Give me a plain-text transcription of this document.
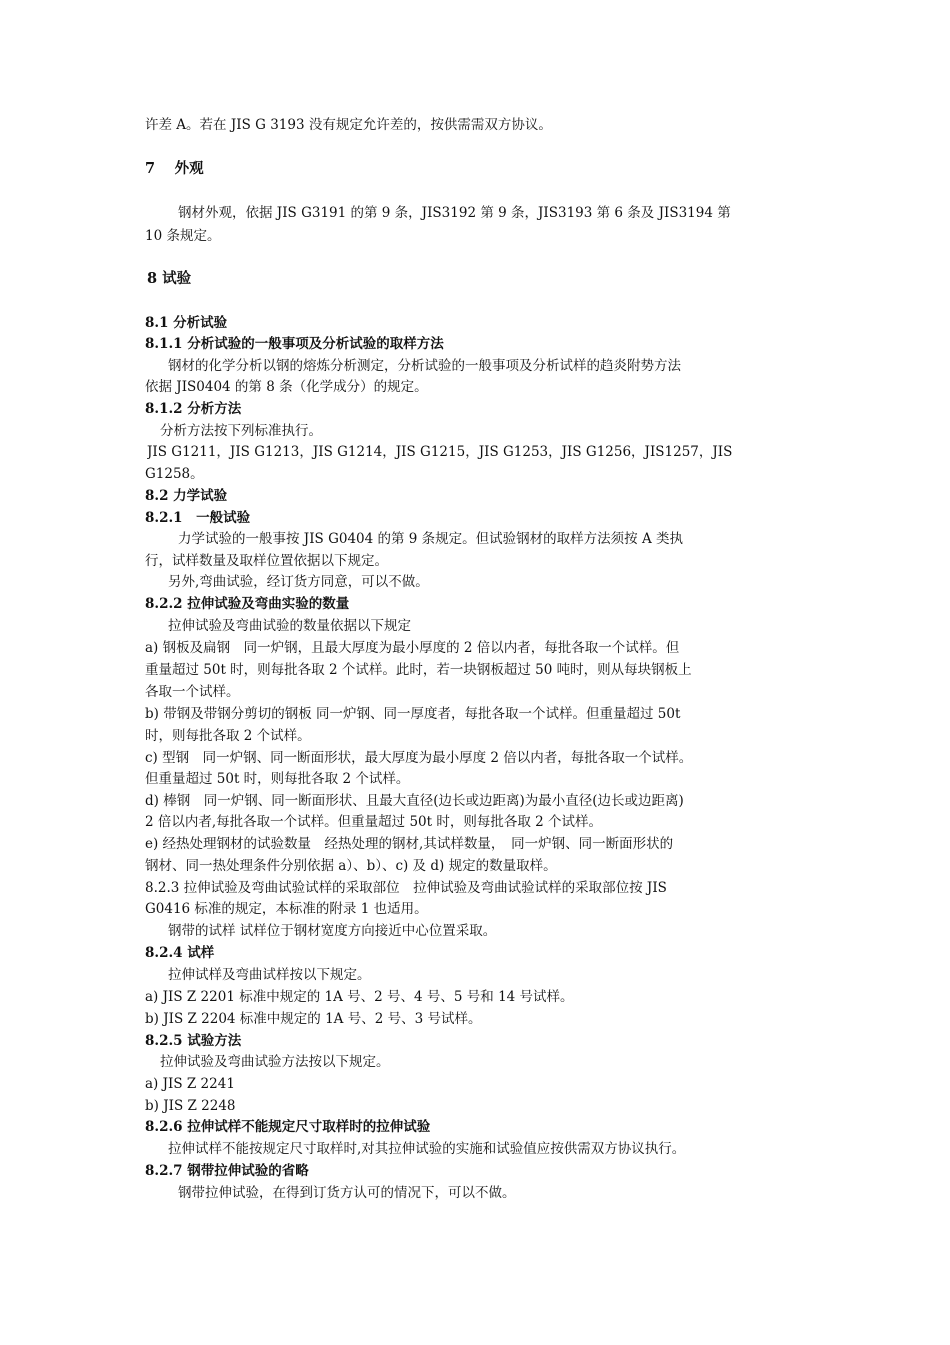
许差 A。若在 JIS G 3193 没有规定允许差的，按供需需双方协议。
7　 外观
钢材外观，依据 JIS G3191 的第 9 条，JIS3192 第 9 条，JIS3193 第 6 条及 JIS3194 第
10 条规定。
8 试验
8.1 分析试验
8.1.1 分析试验的一般事项及分析试验的取样方法
钢材的化学分析以钢的熔炼分析测定，分析试验的一般事项及分析试样的趋炎附势方法
依据 JIS0404 的第 8 条（化学成分）的规定。
8.1.2 分析方法
分析方法按下列标准执行。
JIS G1211，JIS G1213，JIS G1214，JIS G1215，JIS G1253，JIS G1256，JIS1257，JIS
G1258。
8.2 力学试验
8.2.1　一般试验
力学试验的一般事按 JIS G0404 的第 9 条规定。但试验钢材的取样方法须按 A 类执
行，试样数量及取样位置依据以下规定。
另外,弯曲试验，经订货方同意，可以不做。
8.2.2 拉伸试验及弯曲实验的数量
拉伸试验及弯曲试验的数量依据以下规定
a) 钢板及扁钢　同一炉钢，且最大厚度为最小厚度的 2 倍以内者，每批各取一个试样。但
重量超过 50t 时，则每批各取 2 个试样。此时，若一块钢板超过 50 吨时，则从每块钢板上
各取一个试样。
b) 带钢及带钢分剪切的钢板 同一炉钢、同一厚度者，每批各取一个试样。但重量超过 50t
时，则每批各取 2 个试样。
c) 型钢　同一炉钢、同一断面形状，最大厚度为最小厚度 2 倍以内者，每批各取一个试样。
但重量超过 50t 时，则每批各取 2 个试样。
d) 棒钢　同一炉钢、同一断面形状、且最大直径(边长或边距离)为最小直径(边长或边距离)
2 倍以内者,每批各取一个试样。但重量超过 50t 时，则每批各取 2 个试样。
e) 经热处理钢材的试验数量　经热处理的钢材,其试样数量，　同一炉钢、同一断面形状的
钢材、同一热处理条件分别依据 a）、b）、c) 及 d) 规定的数量取样。
8.2.3 拉伸试验及弯曲试验试样的采取部位　拉伸试验及弯曲试验试样的采取部位按 JIS
G0416 标准的规定，本标准的附录 1 也适用。
钢带的试样 试样位于钢材宽度方向接近中心位置采取。
8.2.4 试样
拉伸试样及弯曲试样按以下规定。
a) JIS Z 2201 标准中规定的 1A 号、2 号、4 号、5 号和 14 号试样。
b) JIS Z 2204 标准中规定的 1A 号、2 号、3 号试样。
8.2.5 试验方法
拉伸试验及弯曲试验方法按以下规定。
a) JIS Z 2241
b) JIS Z 2248
8.2.6 拉伸试样不能规定尺寸取样时的拉伸试验
拉伸试样不能按规定尺寸取样时,对其拉伸试验的实施和试验值应按供需双方协议执行。
8.2.7 钢带拉伸试验的省略
钢带拉伸试验，在得到订货方认可的情况下，可以不做。
